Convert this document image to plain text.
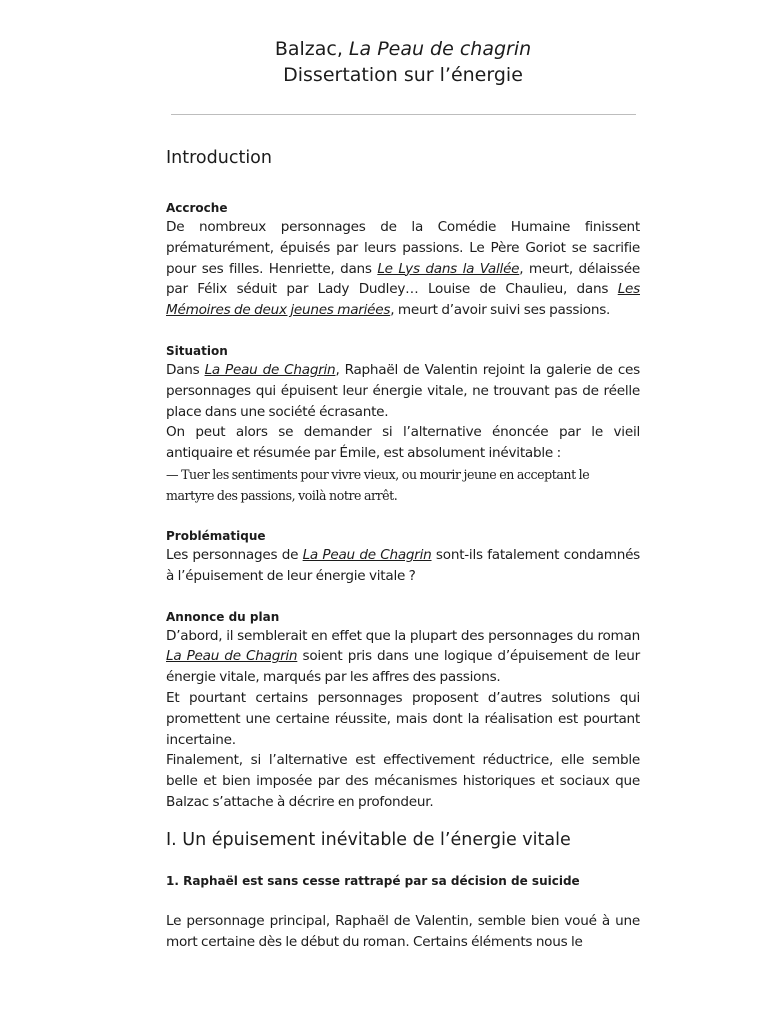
Balzac, La Peau de chagrin
Dissertation sur l’énergie
Introduction
Accroche

De nombreux personnages de la Comédie Humaine finissent prématurément, épuisés par leurs passions. Le Père Goriot se sacrifie pour ses filles. Henriette, dans Le Lys dans la Vallée, meurt, délaissée par Félix séduit par Lady Dudley… Louise de Chaulieu, dans Les Mémoires de deux jeunes mariées, meurt d’avoir suivi ses passions.

Situation

Dans La Peau de Chagrin, Raphaël de Valentin rejoint la galerie de ces personnages qui épuisent leur énergie vitale, ne trouvant pas de réelle place dans une société écrasante.

On peut alors se demander si l’alternative énoncée par le vieil antiquaire et résumée par Émile, est absolument inévitable :

— Tuer les sentiments pour vivre vieux, ou mourir jeune en acceptant le martyre des passions, voilà notre arrêt.

Problématique

Les personnages de La Peau de Chagrin sont-ils fatalement condamnés à l’épuisement de leur énergie vitale ?

Annonce du plan

D’abord, il semblerait en effet que la plupart des personnages du roman La Peau de Chagrin soient pris dans une logique d’épuisement de leur énergie vitale, marqués par les affres des passions.

Et pourtant certains personnages proposent d’autres solutions qui promettent une certaine réussite, mais dont la réalisation est pourtant incertaine.

Finalement, si l’alternative est effectivement réductrice, elle semble belle et bien imposée par des mécanismes historiques et sociaux que Balzac s’attache à décrire en profondeur.

I. Un épuisement inévitable de l’énergie vitale
1. Raphaël est sans cesse rattrapé par sa décision de suicide

Le personnage principal, Raphaël de Valentin, semble bien voué à une mort certaine dès le début du roman. Certains éléments nous le
